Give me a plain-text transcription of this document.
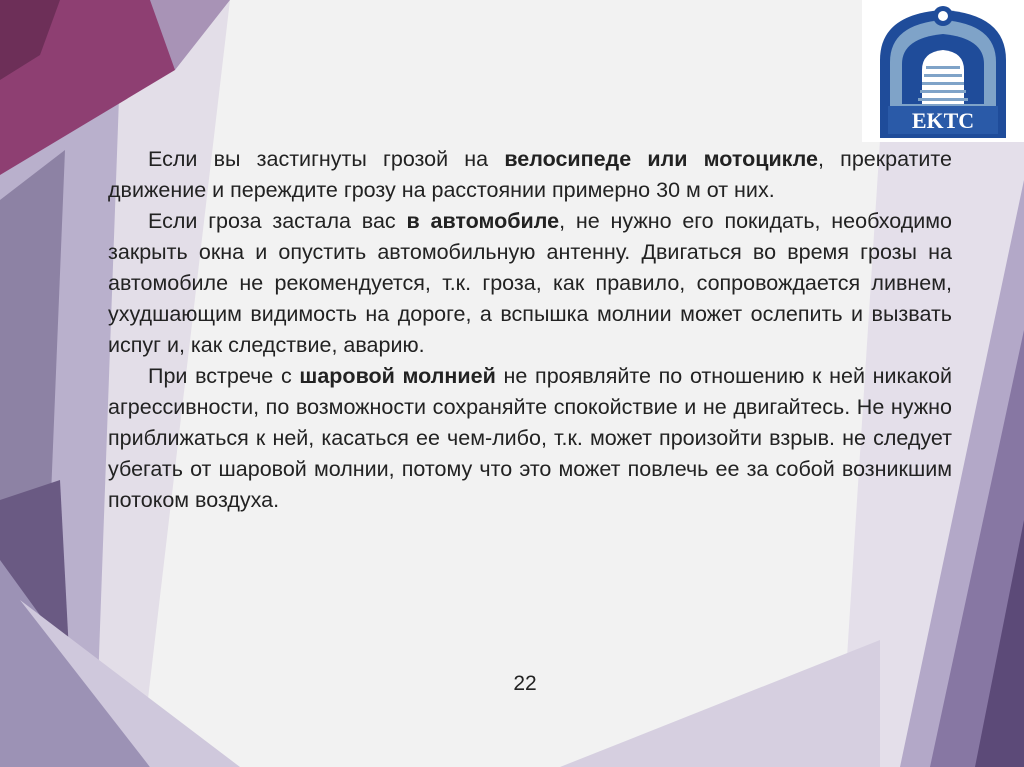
EKTC

Если вы застигнуты грозой на велосипеде или мотоцикле, прекратите движение и переждите грозу на расстоянии примерно 30 м от них.

Если гроза застала вас в автомобиле, не нужно его покидать, необходимо закрыть окна и опустить автомобильную антенну. Двигаться во время грозы на автомобиле не рекомендуется, т.к. гроза, как правило, сопровождается ливнем, ухудшающим видимость на дороге, а вспышка молнии может ослепить и вызвать испуг и, как следствие, аварию.

При встрече с шаровой молнией не проявляйте по отношению к ней никакой агрессивности, по возможности сохраняйте спокойствие и не двигайтесь. Не нужно приближаться к ней, касаться ее чем-либо, т.к. может произойти взрыв. не следует убегать от шаровой молнии, потому что это может повлечь ее за собой возникшим потоком воздуха.

22
